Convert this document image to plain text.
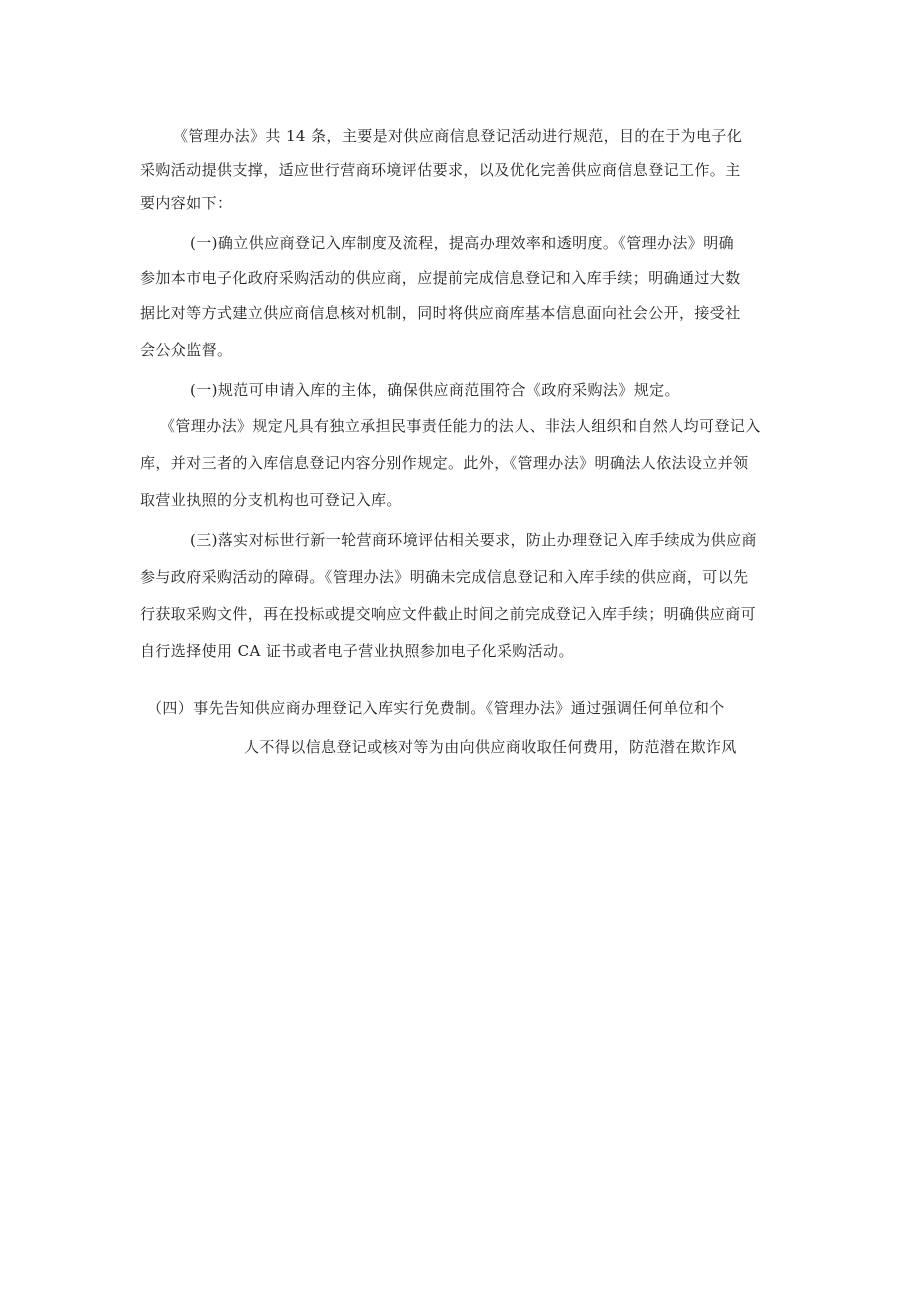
《管理办法》共 14 条，主要是对供应商信息登记活动进行规范，目的在于为电子化
采购活动提供支撑，适应世行营商环境评估要求，以及优化完善供应商信息登记工作。主
要内容如下：
(一)确立供应商登记入库制度及流程，提高办理效率和透明度。《管理办法》明确
参加本市电子化政府采购活动的供应商，应提前完成信息登记和入库手续；明确通过大数
据比对等方式建立供应商信息核对机制，同时将供应商库基本信息面向社会公开，接受社
会公众监督。
(一)规范可申请入库的主体，确保供应商范围符合《政府采购法》规定。
《管理办法》规定凡具有独立承担民事责任能力的法人、非法人组织和自然人均可登记入
库，并对三者的入库信息登记内容分别作规定。此外，《管理办法》明确法人依法设立并领
取营业执照的分支机构也可登记入库。
(三)落实对标世行新一轮营商环境评估相关要求，防止办理登记入库手续成为供应商
参与政府采购活动的障碍。《管理办法》明确未完成信息登记和入库手续的供应商，可以先
行获取采购文件，再在投标或提交响应文件截止时间之前完成登记入库手续；明确供应商可
自行选择使用 CA 证书或者电子营业执照参加电子化采购活动。
（四）事先告知供应商办理登记入库实行免费制。《管理办法》通过强调任何单位和个
人不得以信息登记或核对等为由向供应商收取任何费用，防范潜在欺诈风
